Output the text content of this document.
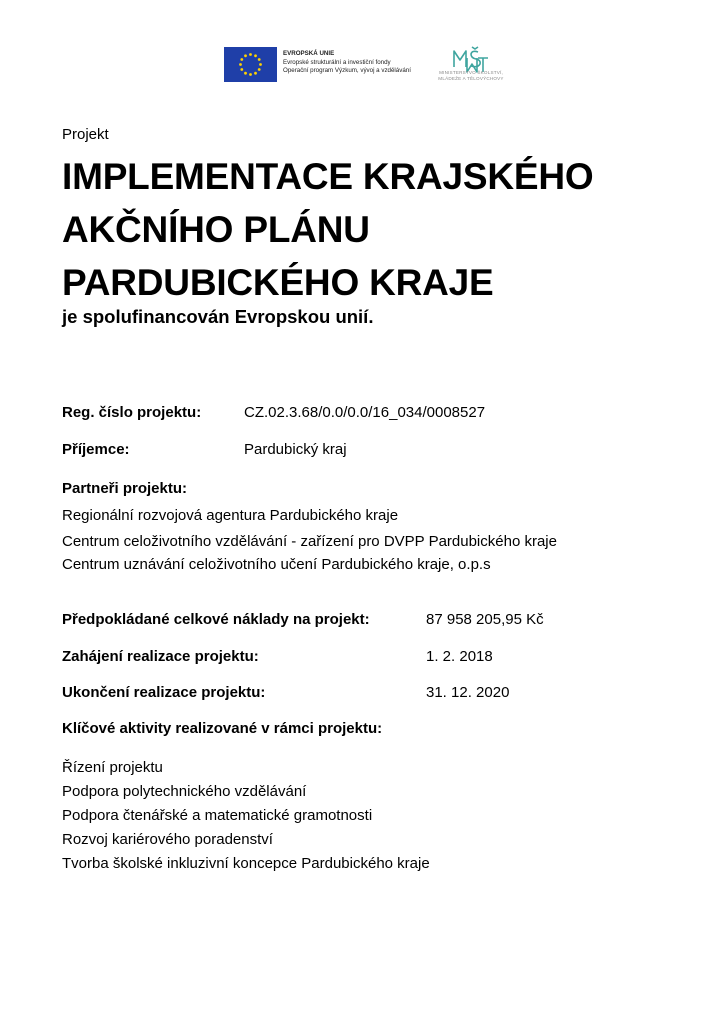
EVROPSKÁ UNIE
Evropské strukturální a investiční fondy
Operační program Výzkum, vývoj a vzdělávání	MINISTERSTVO ŠKOLSTVÍ, MLÁDEŽE A TĚLOVÝCHOVY
Projekt
IMPLEMENTACE KRAJSKÉHO
AKČNÍHO PLÁNU
PARDUBICKÉHO KRAJE
je spolufinancován Evropskou unií.
Reg. číslo projektu:	CZ.02.3.68/0.0/0.0/16_034/0008527
Příjemce:	Pardubický kraj
Partneři projektu:
Regionální rozvojová agentura Pardubického kraje
Centrum celoživotního vzdělávání - zařízení pro DVPP Pardubického kraje
Centrum uznávání celoživotního učení Pardubického kraje, o.p.s
Předpokládané celkové náklady na projekt:	87 958 205,95 Kč
Zahájení realizace projektu:	1. 2. 2018
Ukončení realizace projektu:	31. 12. 2020
Klíčové aktivity realizované v rámci projektu:
Řízení projektu
Podpora polytechnického vzdělávání
Podpora čtenářské a matematické gramotnosti
Rozvoj kariérového poradenství
Tvorba školské inkluzivní koncepce Pardubického kraje
